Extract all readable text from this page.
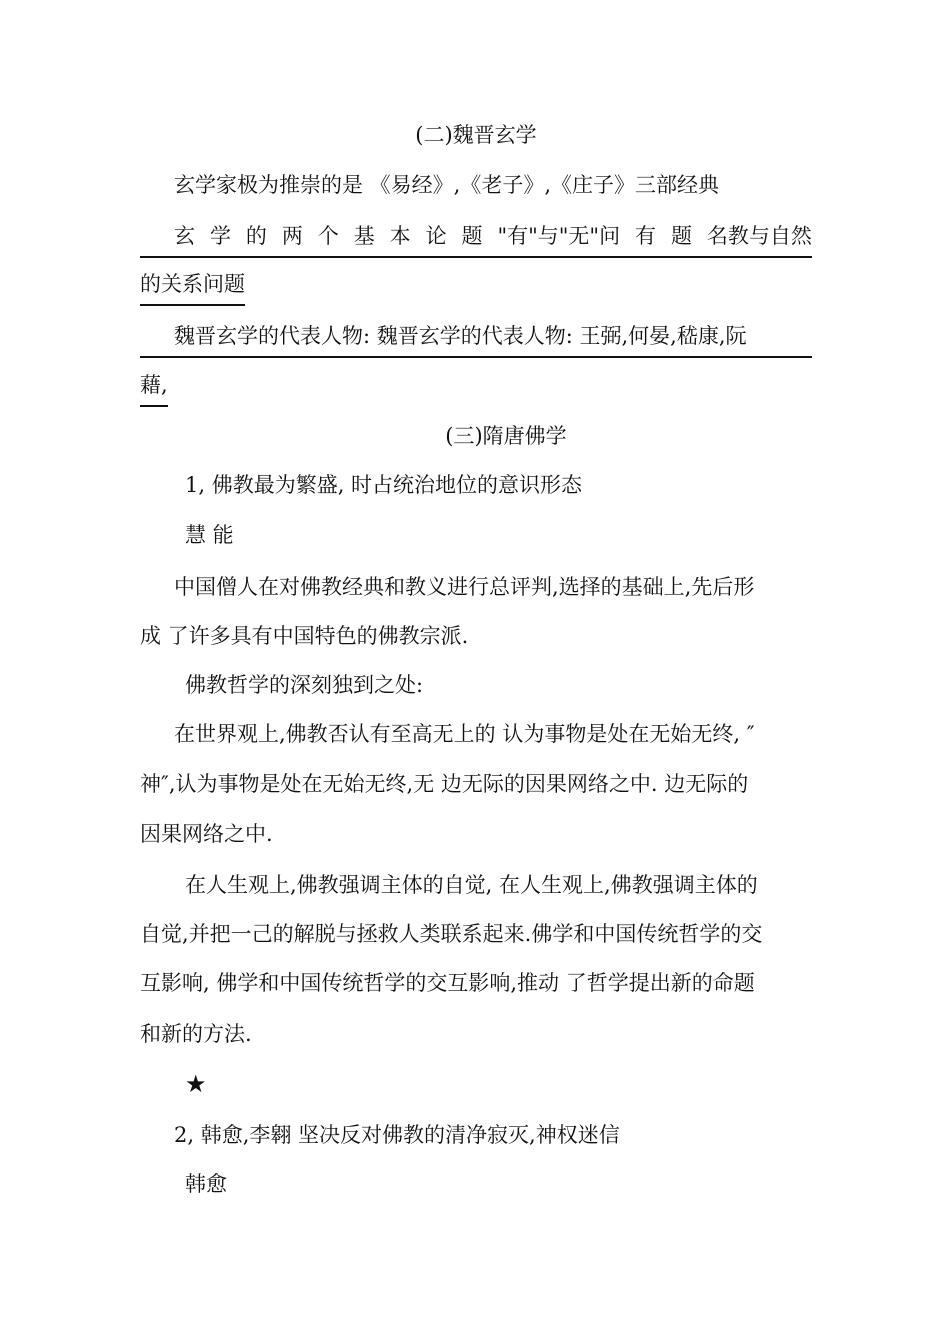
(二)魏晋玄学
玄学家极为推崇的是 《易经》,《老子》,《庄子》三部经典
玄 学 的 两 个 基 本 论 题 "有"与"无"问 有 题 名教与自然
的关系问题
魏晋玄学的代表人物: 魏晋玄学的代表人物: 王弼,何晏,嵇康,阮
藉,
(三)隋唐佛学
1, 佛教最为繁盛, 时占统治地位的意识形态
慧 能
中国僧人在对佛教经典和教义进行总评判,选择的基础上,先后形
成 了许多具有中国特色的佛教宗派.
佛教哲学的深刻独到之处:
在世界观上,佛教否认有至高无上的 认为事物是处在无始无终, ″
神″,认为事物是处在无始无终,无 边无际的因果网络之中. 边无际的
因果网络之中.
在人生观上,佛教强调主体的自觉, 在人生观上,佛教强调主体的
自觉,并把一己的解脱与拯救人类联系起来.佛学和中国传统哲学的交
互影响, 佛学和中国传统哲学的交互影响,推动 了哲学提出新的命题
和新的方法.
★
2, 韩愈,李翱 坚决反对佛教的清净寂灭,神权迷信
韩愈
